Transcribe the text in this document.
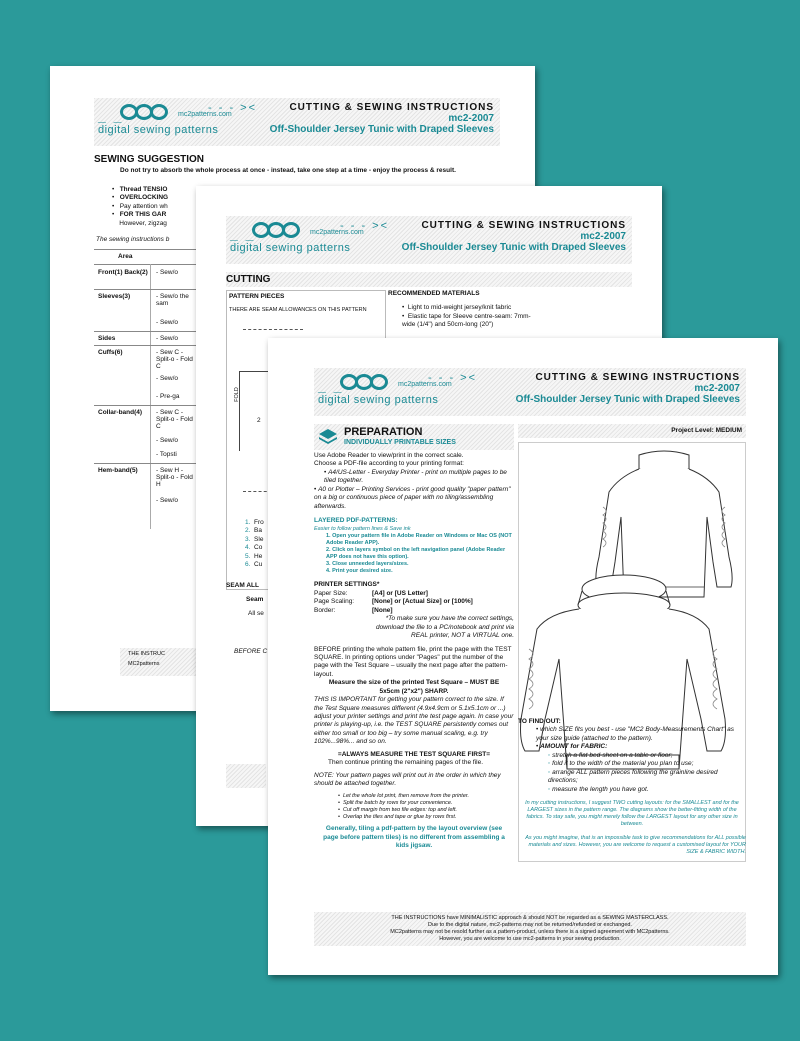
_ _	mc2patterns.com
- - - ><
digital sewing patterns
CUTTING & SEWING INSTRUCTIONS
mc2-2007
Off-Shoulder Jersey Tunic with Draped Sleeves
SEWING SUGGESTION
Do not try to absorb the whole process at once - instead, take one step at a time - enjoy the process & result.
•   Thread TENSIO
•   OVERLOCKING
•   Pay attention wh
•   FOR THIS GAR
However, zigzag
The sewing instructions b
Area
Front(1) Back(2) - Sew/o
Sleeves(3)	- Sew/o the sam
- Sew/o
Sides	- Sew/o
Cuffs(6)	- Sew C - Split-o - Fold C
- Sew/o
- Pre-ga
Collar-band(4) - Sew C - Split-o - Fold C
- Sew/o
- Topsti
Hem-band(5)	- Sew H - Split-o - Fold H
- Sew/o
THE INSTRUC
MC2patterns
_ _	mc2patterns.com
- - - ><
digital sewing patterns
CUTTING & SEWING INSTRUCTIONS
mc2-2007
Off-Shoulder Jersey Tunic with Draped Sleeves
CUTTING
PATTERN PIECES
THERE ARE SEAM ALLOWANCES ON THIS PATTERN
FOLD
2
1. Fro
2. Ba
3. Sle
4. Co
5. He
6. Cu
RECOMMENDED MATERIALS
•  Light to mid-weight jersey/knit fabric
•  Elastic tape for Sleeve centre-seam: 7mm-wide (1/4") and 50cm-long (20")
SEAM ALL
Seam
All se
BEFORE C
_ _	mc2patterns.com
- - - ><
digital sewing patterns
CUTTING & SEWING INSTRUCTIONS
mc2-2007
Off-Shoulder Jersey Tunic with Draped Sleeves
PREPARATION
INDIVIDUALLY PRINTABLE SIZES
Project Level: MEDIUM
Use Adobe Reader to view/print in the correct scale.
Choose a PDF-file according to your printing format:
• A4/US-Letter - Everyday Printer - print on multiple pages to be tiled together.
• A0 or Plotter – Printing Services - print good quality "paper pattern" on a big or continuous piece of paper with no tiling/assembling afterwards.
LAYERED PDF-PATTERNS:
Easier to follow pattern lines & Save ink
1. Open your pattern file in Adobe Reader on Windows or Mac OS (NOT Adobe Reader APP).
2. Click on layers symbol on the left navigation panel (Adobe Reader APP does not have this option).
3. Close unneeded layers/sizes.
4. Print your desired size.
PRINTER SETTINGS*
Paper Size:	[A4] or [US Letter]
Page Scaling:	[None] or [Actual Size] or [100%]
Border:	[None]
*To make sure you have the correct settings, download the file to a PC/notebook and print via REAL printer, NOT a VIRTUAL one.
BEFORE printing the whole pattern file, print the page with the TEST SQUARE. In printing options under "Pages" put the number of the page with the Test Square – usually the next page after the pattern-layout.
Measure the size of the printed Test Square – MUST BE 5x5cm (2"x2") SHARP.
THIS IS IMPORTANT for getting your pattern correct to the size. If the Test Square measures different (4.9x4.9cm or 5.1x5.1cm or ...) adjust your printer settings and print the test page again. In case your printer is playing-up, i.e. the TEST SQUARE persistently comes out either too small or too big – try some manual scaling, e.g. try 102%...98%... and so on.
=ALWAYS MEASURE THE TEST SQUARE FIRST=
Then continue printing the remaining pages of the file.
NOTE: Your pattern pages will print out in the order in which they should be attached together.
•  Let the whole lot print, then remove from the printer.
•  Split the batch by rows for your convenience.
•  Cut off margin from two file edges: top and left.
•  Overlap the tiles and tape or glue by rows first.
Generally, tiling a pdf-pattern by the layout overview (see page before pattern tiles) is no different from assembling a kids jigsaw.
TO FIND OUT:
• which SIZE fits you best - use "MC2 Body-Measurements Chart" as your size guide (attached to the pattern).
• AMOUNT for FABRIC:
◦ stretch a flat bed-sheet on a table or floor;
◦ fold it to the width of the material you plan to use;
◦ arrange ALL pattern pieces following the grainline desired directions;
◦ measure the length you have got.
In my cutting instructions, I suggest TWO cutting layouts: for the SMALLEST and for the LARGEST sizes in the pattern range. The diagrams show the better-fitting width of the fabrics. To stay safe, you might merely follow the LARGEST layout for any other size in between.
As you might imagine, that is an impossible task to give recommendations for ALL possible materials and sizes. However, you are welcome to request a customised layout for YOUR SIZE & FABRIC WIDTH.
THE INSTRUCTIONS have MINIMALISTIC approach & should NOT be regarded as a SEWING MASTERCLASS.
Due to the digital nature, mc2-patterns may not be returned/refunded or exchanged.
MC2patterns may not be resold further as a pattern-product, unless there is a signed agreement with MC2patterns.
However, you are welcome to use mc2-patterns in your sewing production.
